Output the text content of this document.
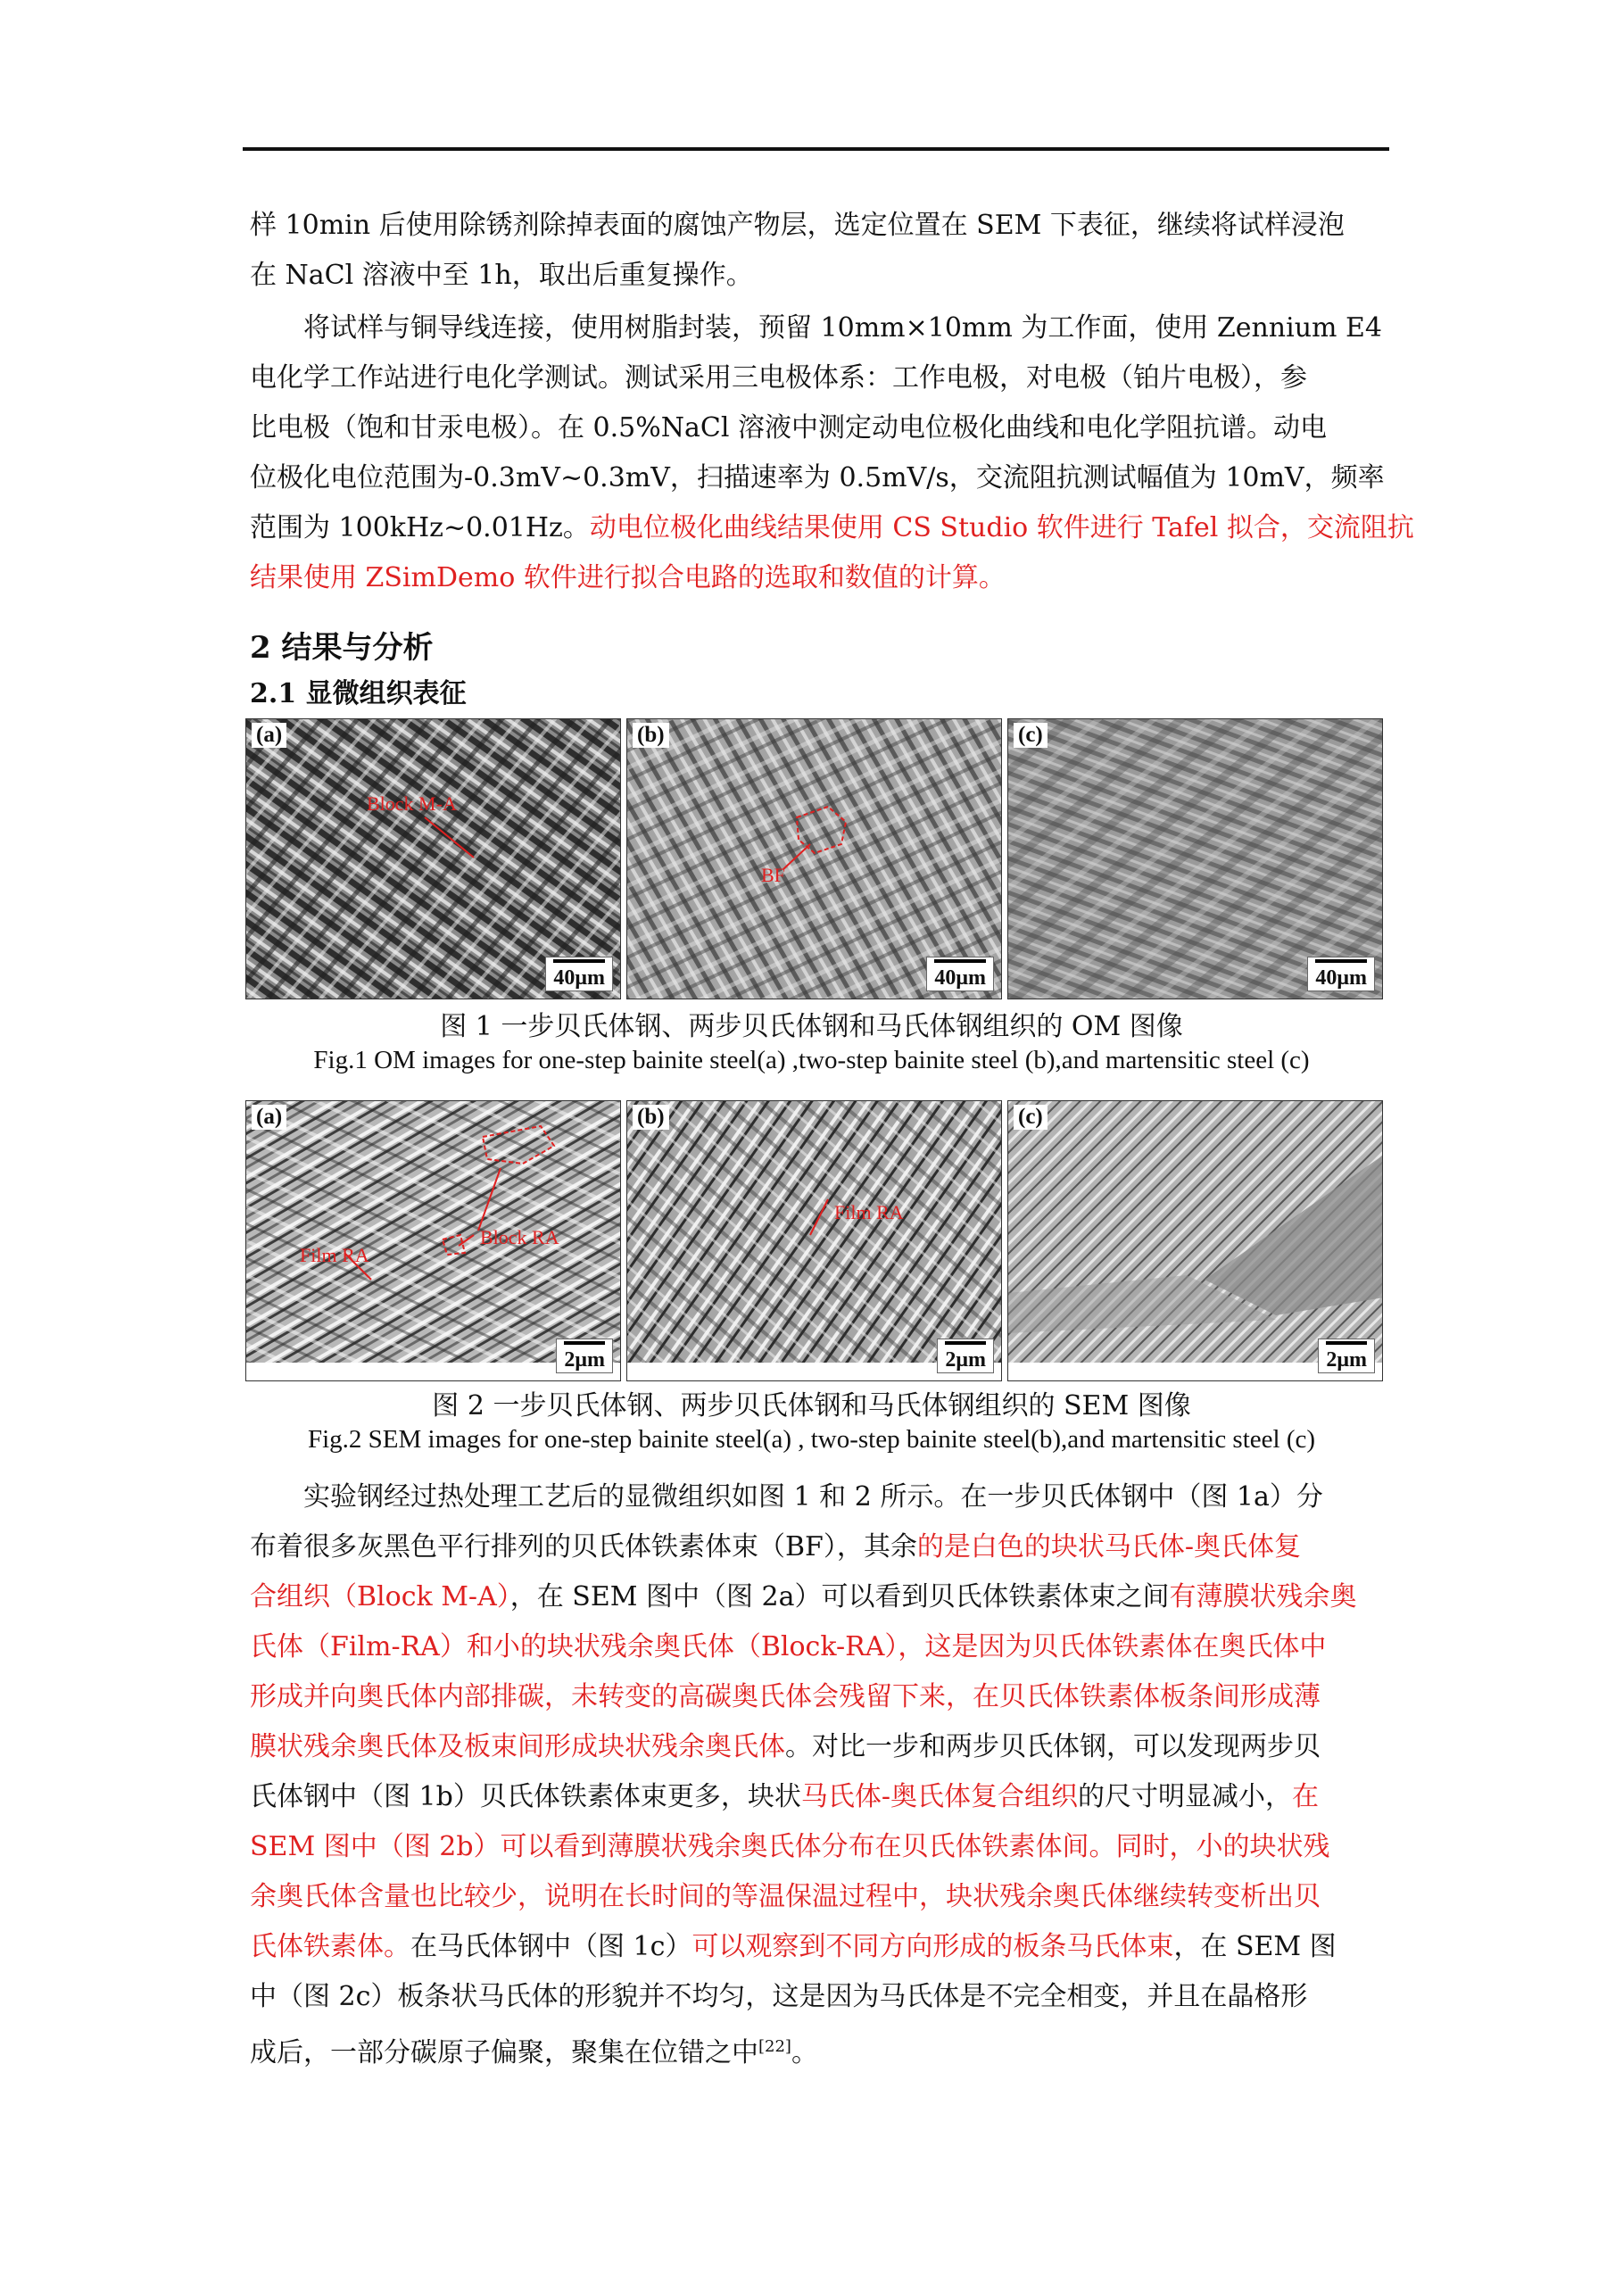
样 10min 后使用除锈剂除掉表面的腐蚀产物层，选定位置在 SEM 下表征，继续将试样浸泡
在 NaCl 溶液中至 1h，取出后重复操作。
将试样与铜导线连接，使用树脂封装，预留 10mm×10mm 为工作面，使用 Zennium E4
电化学工作站进行电化学测试。测试采用三电极体系：工作电极，对电极（铂片电极），参
比电极（饱和甘汞电极）。在 0.5%NaCl 溶液中测定动电位极化曲线和电化学阻抗谱。动电
位极化电位范围为-0.3mV~0.3mV，扫描速率为 0.5mV/s，交流阻抗测试幅值为 10mV，频率
范围为 100kHz~0.01Hz。动电位极化曲线结果使用 CS Studio 软件进行 Tafel 拟合，交流阻抗
结果使用 ZSimDemo 软件进行拟合电路的选取和数值的计算。
2 结果与分析
2.1 显微组织表征
(a)
Block M-A
40μm
(b)
BF
40μm
(c)
40μm

图 1 一步贝氏体钢、两步贝氏体钢和马氏体钢组织的 OM 图像

Fig.1 OM images for one-step bainite steel(a) ,two-step bainite steel (b),and martensitic steel (c)

(a)
Film RA
Block RA
2μm
(b)
Film RA
2μm
(c)
2μm

图 2 一步贝氏体钢、两步贝氏体钢和马氏体钢组织的 SEM 图像

Fig.2 SEM images for one-step bainite steel(a) , two-step bainite steel(b),and martensitic steel (c)

实验钢经过热处理工艺后的显微组织如图 1 和 2 所示。在一步贝氏体钢中（图 1a）分
布着很多灰黑色平行排列的贝氏体铁素体束（BF），其余的是白色的块状马氏体-奥氏体复
合组织（Block M-A），在 SEM 图中（图 2a）可以看到贝氏体铁素体束之间有薄膜状残余奥
氏体（Film-RA）和小的块状残余奥氏体（Block-RA），这是因为贝氏体铁素体在奥氏体中
形成并向奥氏体内部排碳，未转变的高碳奥氏体会残留下来，在贝氏体铁素体板条间形成薄
膜状残余奥氏体及板束间形成块状残余奥氏体。对比一步和两步贝氏体钢，可以发现两步贝
氏体钢中（图 1b）贝氏体铁素体束更多，块状马氏体-奥氏体复合组织的尺寸明显减小，在
SEM 图中（图 2b）可以看到薄膜状残余奥氏体分布在贝氏体铁素体间。同时，小的块状残
余奥氏体含量也比较少，说明在长时间的等温保温过程中，块状残余奥氏体继续转变析出贝
氏体铁素体。在马氏体钢中（图 1c）可以观察到不同方向形成的板条马氏体束，在 SEM 图
中（图 2c）板条状马氏体的形貌并不均匀，这是因为马氏体是不完全相变，并且在晶格形
成后，一部分碳原子偏聚，聚集在位错之中[22]。
